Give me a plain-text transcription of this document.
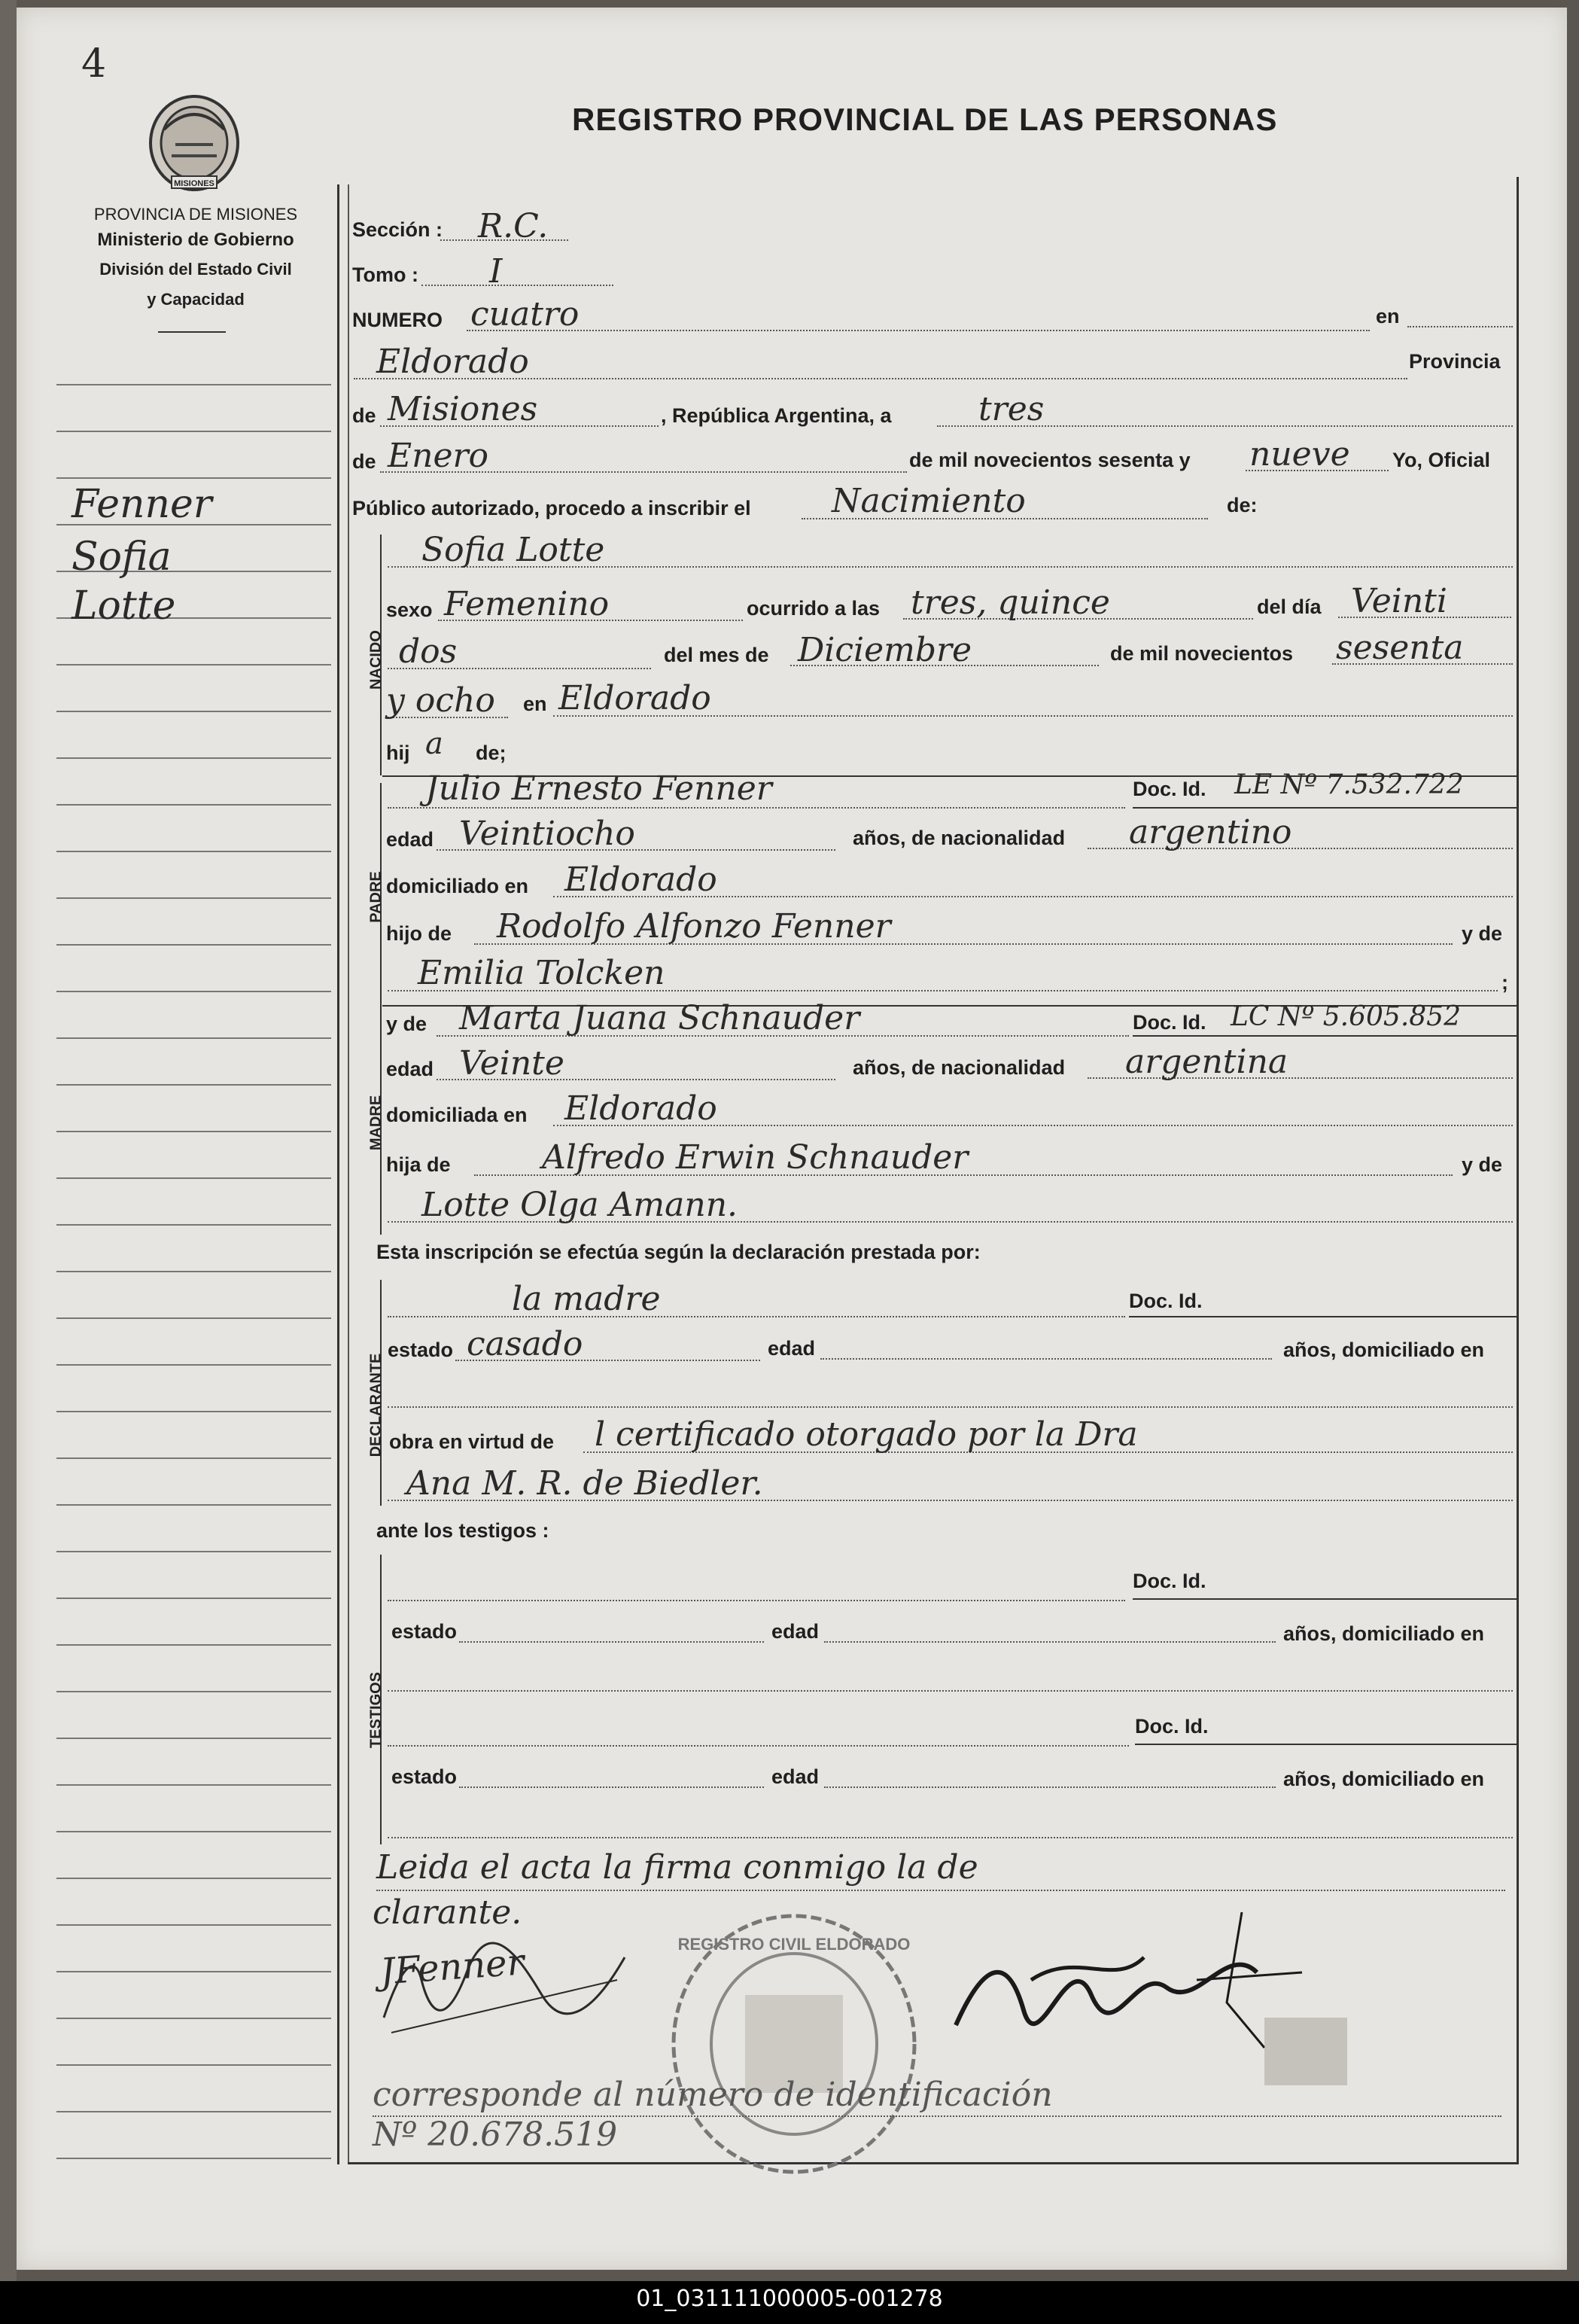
4
MISIONES
PROVINCIA DE MISIONES
Ministerio de Gobierno
División del Estado Civil
y Capacidad
REGISTRO PROVINCIAL DE LAS PERSONAS
Fenner
Sofia
Lotte
Sección : R.C.
Tomo : I
NUMERO cuatro	en
Eldorado	Provincia
de Misiones	, República Argentina, a	tres
de Enero	de mil novecientos sesenta y nueve Yo, Oficial
Público autorizado, procedo a inscribir el Nacimiento	de:
NACIDO
Sofia Lotte
sexo Femenino	ocurrido a las tres, quince	del día Veinti
dos	del mes de Diciembre	de mil novecientos sesenta
y ocho en Eldorado
hij a de;
PADRE
Julio Ernesto Fenner	Doc. Id. LE Nº 7.532.722
edad Veintiocho	años, de nacionalidad argentino
domiciliado en Eldorado
hijo de Rodolfo Alfonzo Fenner	y de
Emilia Tolcken	;
MADRE
y de Marta Juana Schnauder	Doc. Id. LC Nº 5.605.852
edad Veinte	años, de nacionalidad argentina
domiciliada en Eldorado
hija de	Alfredo Erwin Schnauder	y de
Lotte Olga Amann.
Esta inscripción se efectúa según la declaración prestada por:
DECLARANTE
la madre	Doc. Id.
estado casado	edad	años, domiciliado en
obra en virtud de l certificado otorgado por la Dra
Ana M. R. de Biedler.
ante los testigos :
TESTIGOS
Doc. Id.
estado	edad	años, domiciliado en
Doc. Id.
estado	edad	años, domiciliado en
Leida el acta la firma conmigo la de
clarante.
JFenner	REGISTRO CIVIL ELDORADO
corresponde al número de identificación
Nº 20.678.519
01_031111000005-001278
